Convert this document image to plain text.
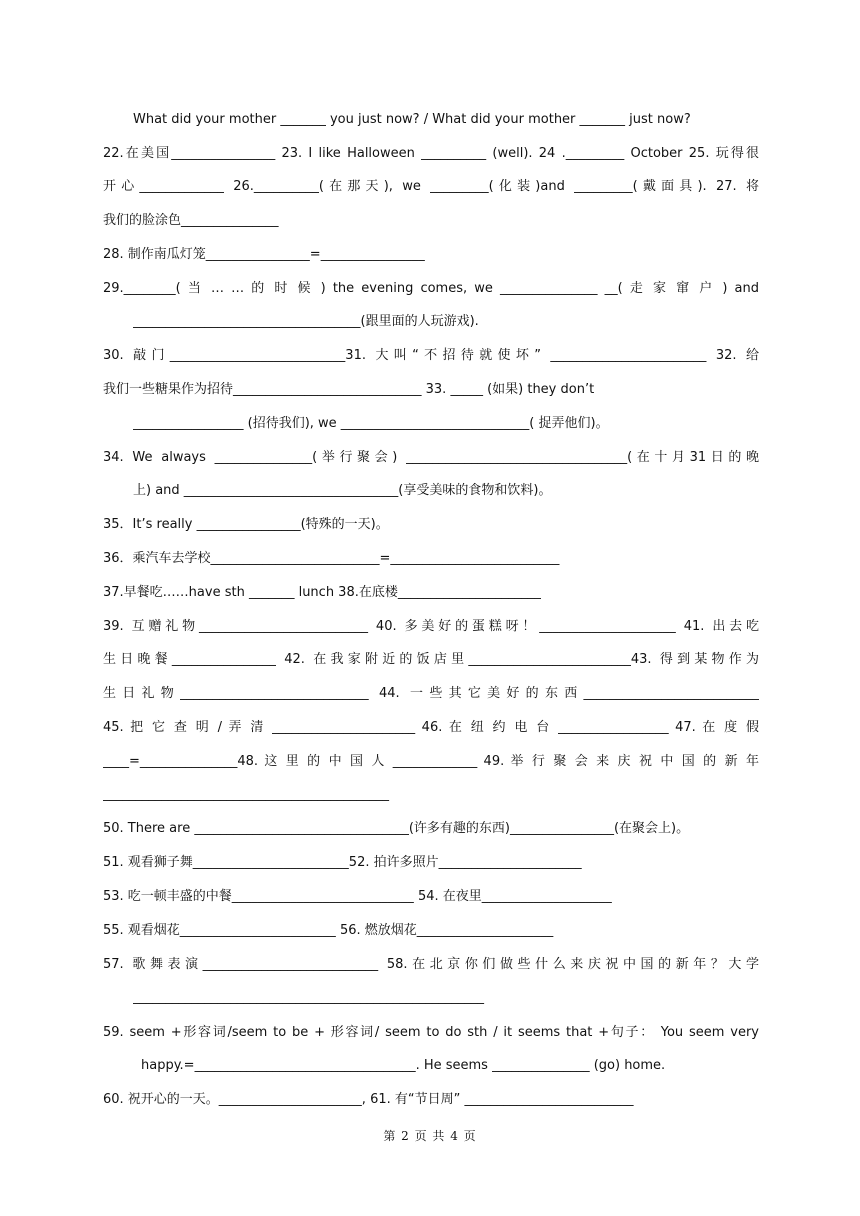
What did your mother _______ you just now? / What did your mother _______ just now?
22.在美国________________ 23. I like Halloween __________ (well). 24 ._________ October 25. 玩得很
开心_____________ 26.__________(在那天), we _________(化装)and _________(戴面具). 27. 将
我们的脸涂色_______________
28. 制作南瓜灯笼________________=________________
29.________( 当 … … 的 时 候 ) the evening comes, we _______________ __( 走 家 窜 户 ) and
___________________________________(跟里面的人玩游戏).
30. 敲门___________________________31. 大叫“不招待就使坏” ________________________ 32. 给
我们一些糖果作为招待_____________________________ 33. _____ (如果) they don’t
_________________ (招待我们), we _____________________________( 捉弄他们)。
34. We always _______________(举行聚会) __________________________________(在十月31日的晚
上) and _________________________________(享受美味的食物和饮料)。
35．It’s really ________________(特殊的一天)。
36．乘汽车去学校__________________________=__________________________
37.早餐吃……have sth _______ lunch 38.在底楼______________________
39. 互赠礼物__________________________ 40. 多美好的蛋糕呀！_____________________ 41. 出去吃
生日晚餐________________ 42. 在我家附近的饭店里_________________________43. 得到某物作为
生日礼物_____________________________ 44. 一些其它美好的东西___________________________
45. 把 它 查 明 / 弄 清 ______________________ 46. 在 纽 约 电 台 _________________ 47. 在 度 假
____=_______________48. 这 里 的 中 国 人 _____________ 49. 举 行 聚 会 来 庆 祝 中 国 的 新 年
____________________________________________
50. There are _________________________________(许多有趣的东西)________________(在聚会上)。
51. 观看狮子舞________________________52. 拍许多照片______________________
53. 吃一顿丰盛的中餐____________________________ 54. 在夜里____________________
55. 观看烟花________________________ 56. 燃放烟花_____________________
57. 歌舞表演___________________________ 58.在北京你们做些什么来庆祝中国的新年？大学
______________________________________________________
59. seem +形容词/seem to be + 形容词/ seem to do sth / it seems that +句子： You seem very
happy.=__________________________________. He seems _______________ (go) home.
60. 祝开心的一天。______________________, 61. 有“节日周” __________________________
第 2 页 共 4 页
